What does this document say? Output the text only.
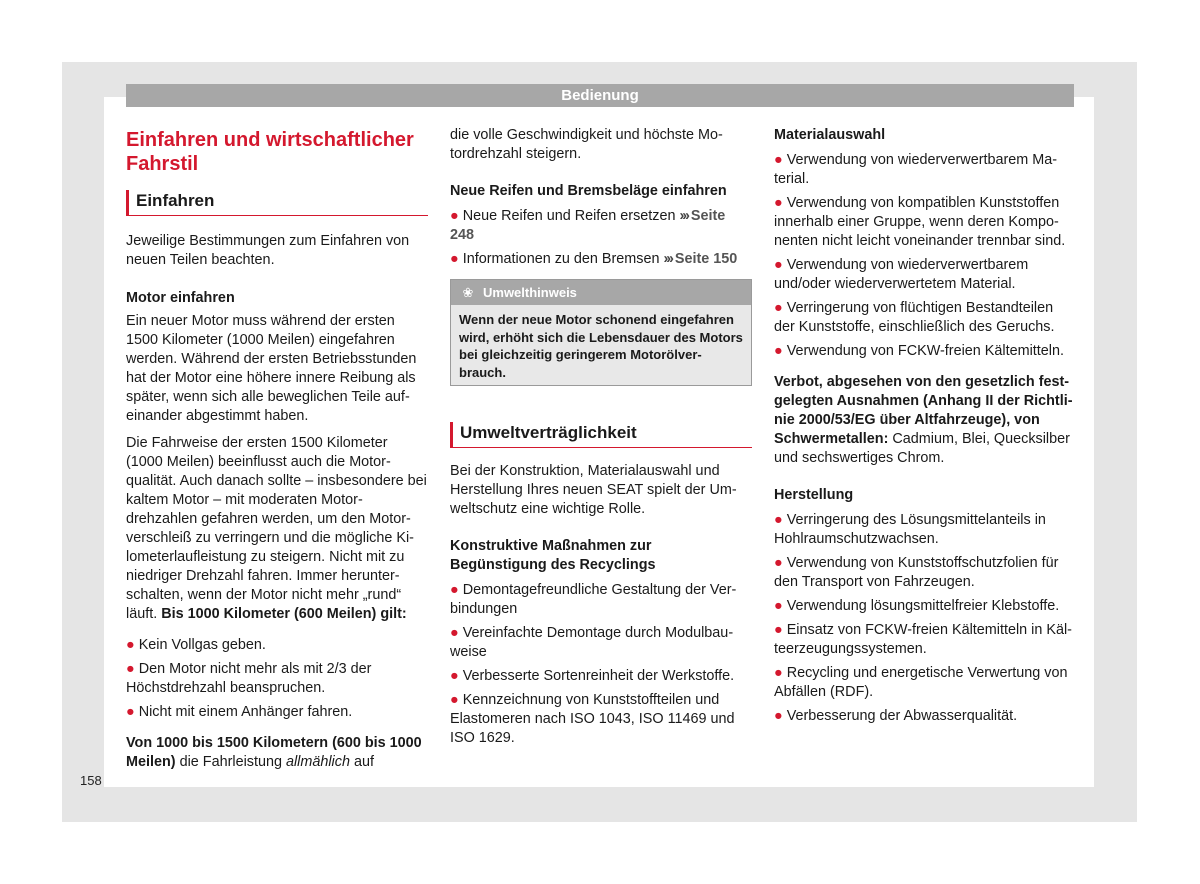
Bedienung
158
Einfahren und wirtschaftlicher Fahrstil
Einfahren

Jeweilige Bestimmungen zum Einfahren von neuen Teilen beachten.

Motor einfahren

Ein neuer Motor muss während der ersten 1500 Kilometer (1000 Meilen) eingefahren werden. Während der ersten Betriebsstunden hat der Motor eine höhere innere Reibung als später, wenn sich alle beweglichen Teile aufeinander abgestimmt haben.

Die Fahrweise der ersten 1500 Kilometer (1000 Meilen) beeinflusst auch die Motorqualität. Auch danach sollte – insbesondere bei kaltem Motor – mit moderaten Motordrehzahlen gefahren werden, um den Motorverschleiß zu verringern und die mögliche Kilometerlaufleistung zu steigern. Nicht mit zu niedriger Drehzahl fahren. Immer herunterschalten, wenn der Motor nicht mehr „rund“ läuft. Bis 1000 Kilometer (600 Meilen) gilt:

● Kein Vollgas geben.

● Den Motor nicht mehr als mit 2/3 der Höchstdrehzahl beanspruchen.

● Nicht mit einem Anhänger fahren.

Von 1000 bis 1500 Kilometern (600 bis 1000 Meilen) die Fahrleistung allmählich auf

die volle Geschwindigkeit und höchste Motordrehzahl steigern.

Neue Reifen und Bremsbeläge einfahren

● Neue Reifen und Reifen ersetzen ››› Seite 248

● Informationen zu den Bremsen ››› Seite 150

❀ Umwelthinweis
Wenn der neue Motor schonend eingefahren wird, erhöht sich die Lebensdauer des Motors bei gleichzeitig geringerem Motorölverbrauch.
Umweltverträglichkeit

Bei der Konstruktion, Materialauswahl und Herstellung Ihres neuen SEAT spielt der Umweltschutz eine wichtige Rolle.

Konstruktive Maßnahmen zur Begünstigung des Recyclings

● Demontagefreundliche Gestaltung der Verbindungen

● Vereinfachte Demontage durch Modulbauweise

● Verbesserte Sortenreinheit der Werkstoffe.

● Kennzeichnung von Kunststoffteilen und Elastomeren nach ISO 1043, ISO 11469 und ISO 1629.

Materialauswahl

● Verwendung von wiederverwertbarem Material.

● Verwendung von kompatiblen Kunststoffen innerhalb einer Gruppe, wenn deren Komponenten nicht leicht voneinander trennbar sind.

● Verwendung von wiederverwertbarem und/oder wiederverwertetem Material.

● Verringerung von flüchtigen Bestandteilen der Kunststoffe, einschließlich des Geruchs.

● Verwendung von FCKW-freien Kältemitteln.

Verbot, abgesehen von den gesetzlich festgelegten Ausnahmen (Anhang II der Richtlinie 2000/53/EG über Altfahrzeuge), von Schwermetallen: Cadmium, Blei, Quecksilber und sechswertiges Chrom.

Herstellung

● Verringerung des Lösungsmittelanteils in Hohlraumschutzwachsen.

● Verwendung von Kunststoffschutzfolien für den Transport von Fahrzeugen.

● Verwendung lösungsmittelfreier Klebstoffe.

● Einsatz von FCKW-freien Kältemitteln in Kälteerzeugungssystemen.

● Recycling und energetische Verwertung von Abfällen (RDF).

● Verbesserung der Abwasserqualität.
